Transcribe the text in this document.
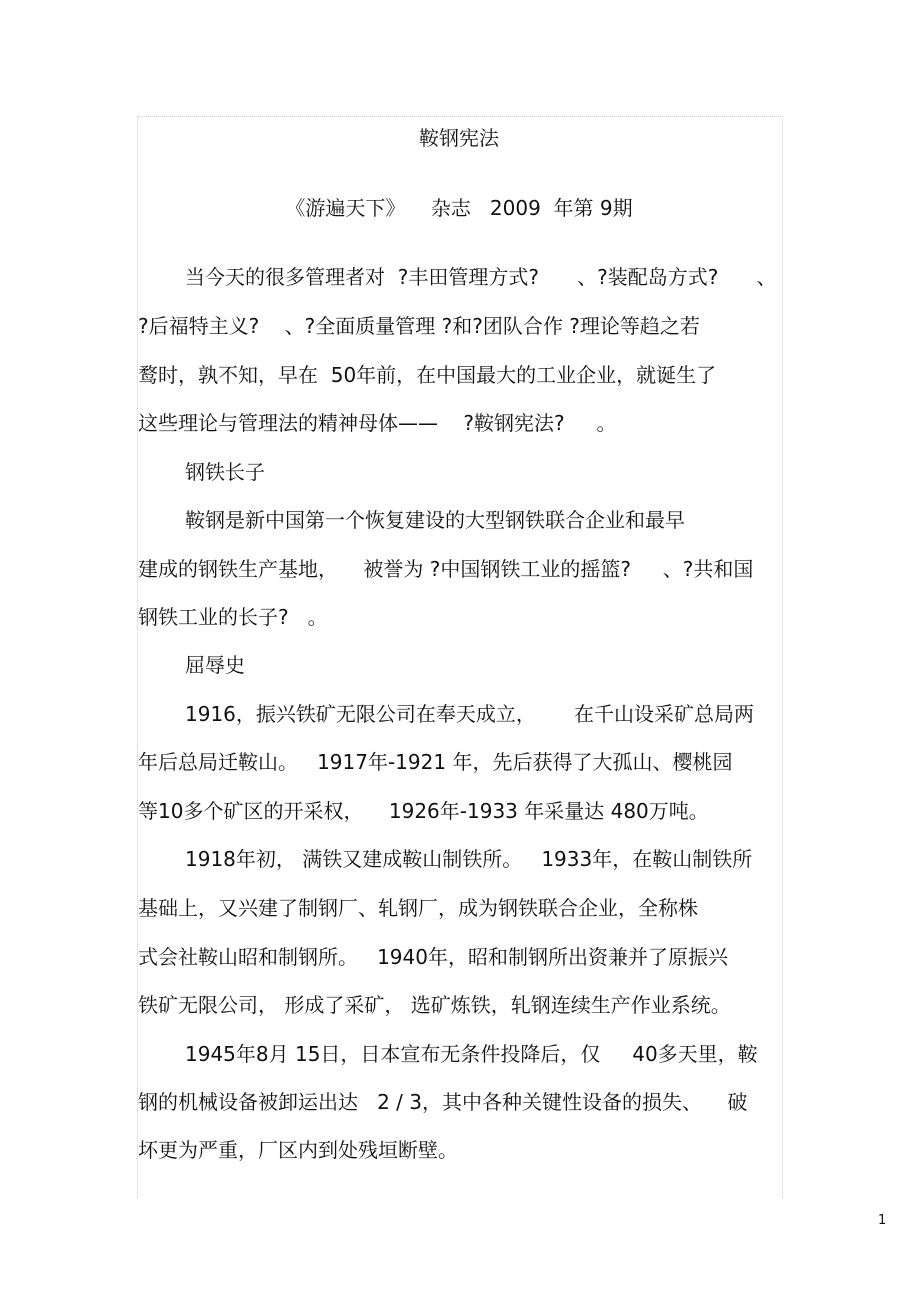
鞍钢宪法
《游遍天下》    杂志   2009  年第 9期
当今天的很多管理者对  ?丰田管理方式?      、?装配岛方式?      、
?后福特主义?    、?全面质量管理 ?和?团队合作 ?理论等趋之若
鹜时，孰不知，早在  50年前，在中国最大的工业企业，就诞生了
这些理论与管理法的精神母体——    ?鞍钢宪法?     。
钢铁长子
鞍钢是新中国第一个恢复建设的大型钢铁联合企业和最早
建成的钢铁生产基地，    被誉为 ?中国钢铁工业的摇篮?     、?共和国
钢铁工业的长子?   。
屈辱史
1916，振兴铁矿无限公司在奉天成立，      在千山设采矿总局两
年后总局迁鞍山。   1917年-1921 年，先后获得了大孤山、樱桃园
等10多个矿区的开采权，    1926年-1933 年采量达 480万吨。
1918年初， 满铁又建成鞍山制铁所。   1933年，在鞍山制铁所
基础上，又兴建了制钢厂、轧钢厂，成为钢铁联合企业，全称株
式会社鞍山昭和制钢所。   1940年，昭和制钢所出资兼并了原振兴
铁矿无限公司， 形成了采矿， 选矿炼铁，轧钢连续生产作业系统。
1945年8月 15日，日本宣布无条件投降后，仅     40多天里，鞍
钢的机械设备被卸运出达   2 / 3，其中各种关键性设备的损失、    破
坏更为严重，厂区内到处残垣断壁。
1
